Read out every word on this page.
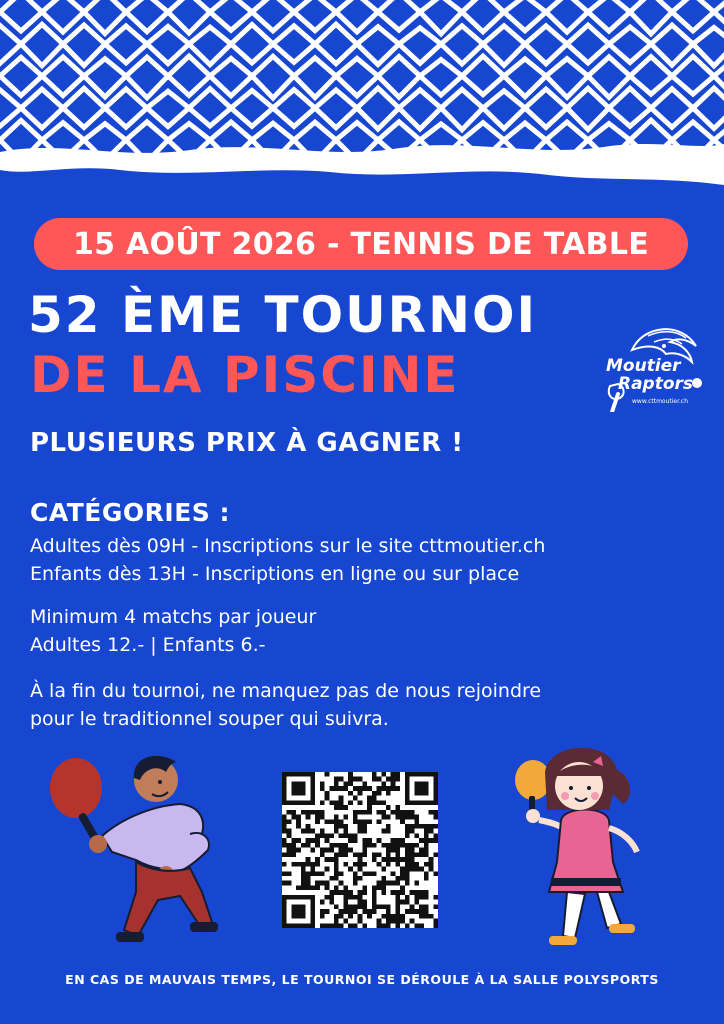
15 AOÛT 2026 - TENNIS DE TABLE
52 ÈME TOURNOI
DE LA PISCINE	Moutier
Raptors
www.cttmoutier.ch
PLUSIEURS PRIX À GAGNER !
CATÉGORIES :
Adultes dès 09H - Inscriptions sur le site cttmoutier.ch
Enfants dès 13H - Inscriptions en ligne ou sur place
Minimum 4 matchs par joueur
Adultes 12.- | Enfants 6.-
À la fin du tournoi, ne manquez pas de nous rejoindre
pour le traditionnel souper qui suivra.
EN CAS DE MAUVAIS TEMPS, LE TOURNOI SE DÉROULE À LA SALLE POLYSPORTS
